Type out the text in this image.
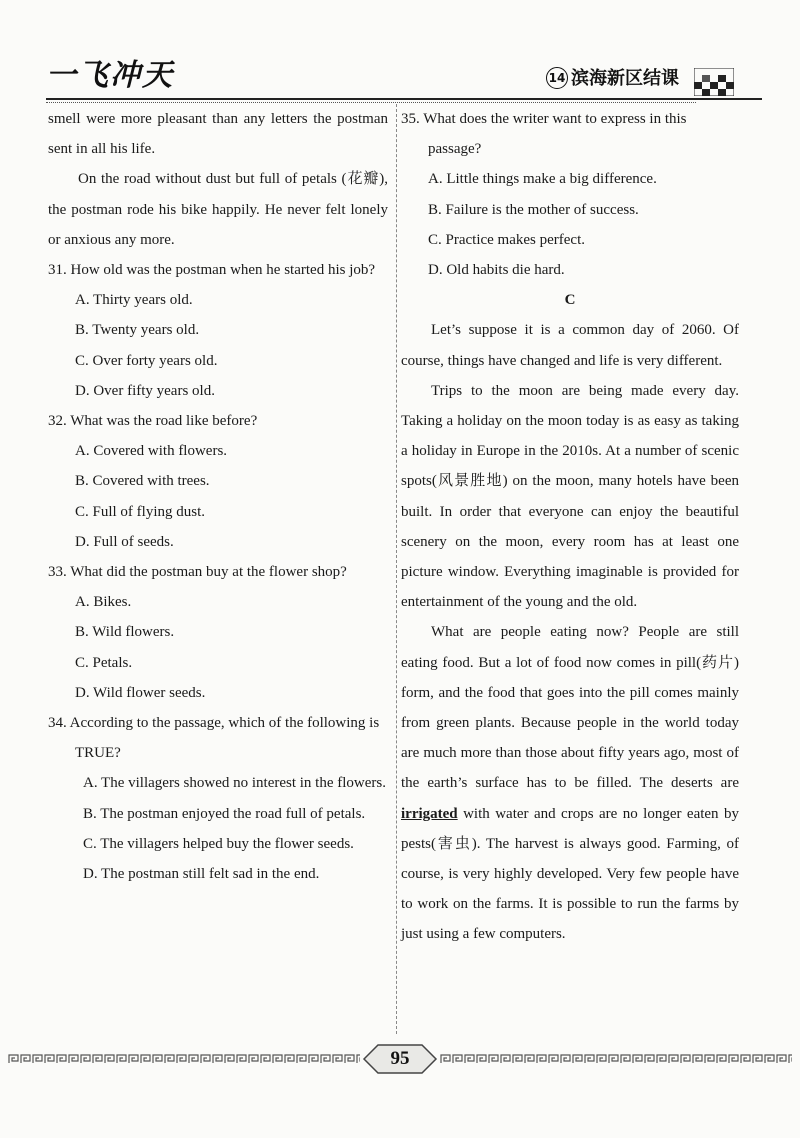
一飞冲天	14 滨海新区结课

smell were more pleasant than any letters the postman sent in all his life.

On the road without dust but full of petals (花瓣), the postman rode his bike happily. He never felt lonely or anxious any more.

31. How old was the postman when he started his job?

A. Thirty years old.

B. Twenty years old.

C. Over forty years old.

D. Over fifty years old.

32. What was the road like before?

A. Covered with flowers.

B. Covered with trees.

C. Full of flying dust.

D. Full of seeds.

33. What did the postman buy at the flower shop?

A. Bikes.

B. Wild flowers.

C. Petals.

D. Wild flower seeds.

34. According to the passage, which of the following is TRUE?

A. The villagers showed no interest in the flowers.

B. The postman enjoyed the road full of petals.

C. The villagers helped buy the flower seeds.

D. The postman still felt sad in the end.

35. What does the writer want to express in this passage?

A. Little things make a big difference.

B. Failure is the mother of success.

C. Practice makes perfect.

D. Old habits die hard.

C

Let’s suppose it is a common day of 2060. Of course, things have changed and life is very different.

Trips to the moon are being made every day. Taking a holiday on the moon today is as easy as taking a holiday in Europe in the 2010s. At a number of scenic spots(风景胜地) on the moon, many hotels have been built. In order that everyone can enjoy the beautiful scenery on the moon, every room has at least one picture window. Everything imaginable is provided for entertainment of the young and the old.

What are people eating now? People are still eating food. But a lot of food now comes in pill(药片) form, and the food that goes into the pill comes mainly from green plants. Because people in the world today are much more than those about fifty years ago, most of the earth’s surface has to be filled. The deserts are irrigated with water and crops are no longer eaten by pests(害虫). The harvest is always good. Farming, of course, is very highly developed. Very few people have to work on the farms. It is possible to run the farms by just using a few computers.

95
